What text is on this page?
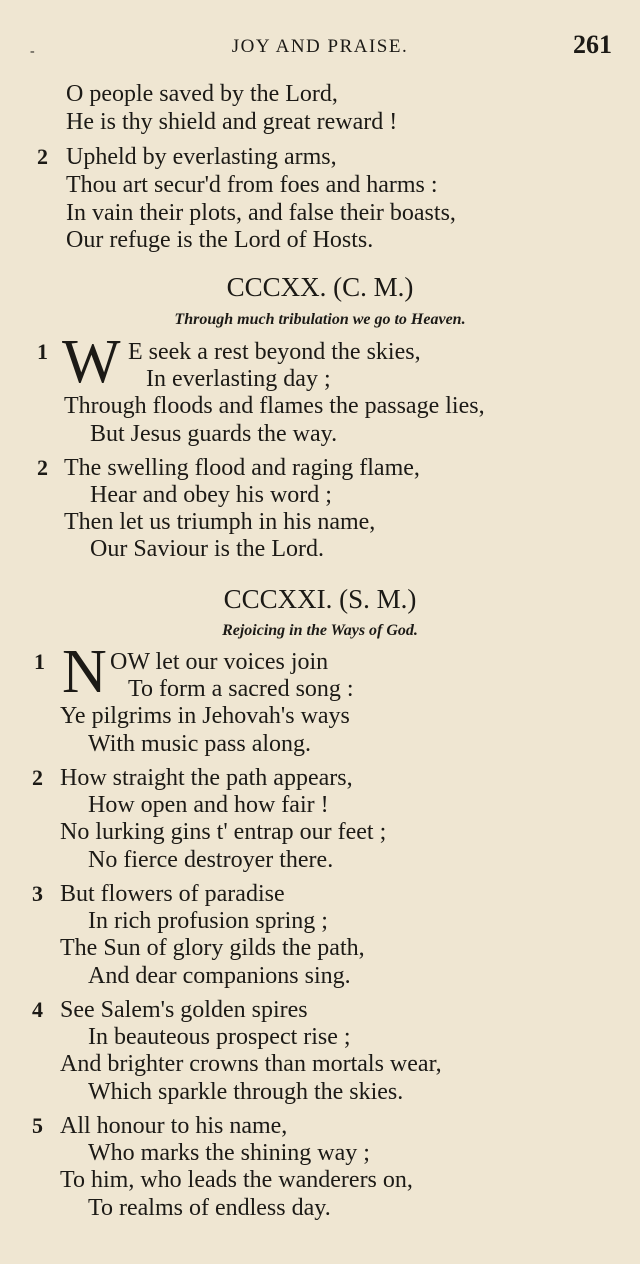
-	JOY AND PRAISE.	261
O people saved by the Lord,
He is thy shield and great reward !
2 Upheld by everlasting arms,
Thou art secur'd from foes and harms :
In vain their plots, and false their boasts,
Our refuge is the Lord of Hosts.
CCCXX. (C. M.)
Through much tribulation we go to Heaven.
1 W E seek a rest beyond the skies,
In everlasting day ;
Through floods and flames the passage lies,
But Jesus guards the way.
2 The swelling flood and raging flame,
Hear and obey his word ;
Then let us triumph in his name,
Our Saviour is the Lord.
CCCXXI. (S. M.)
Rejoicing in the Ways of God.
1 N OW let our voices join
To form a sacred song :
Ye pilgrims in Jehovah's ways
With music pass along.
2 How straight the path appears,
How open and how fair !
No lurking gins t' entrap our feet ;
No fierce destroyer there.
3 But flowers of paradise
In rich profusion spring ;
The Sun of glory gilds the path,
And dear companions sing.
4 See Salem's golden spires
In beauteous prospect rise ;
And brighter crowns than mortals wear,
Which sparkle through the skies.
5 All honour to his name,
Who marks the shining way ;
To him, who leads the wanderers on,
To realms of endless day.
